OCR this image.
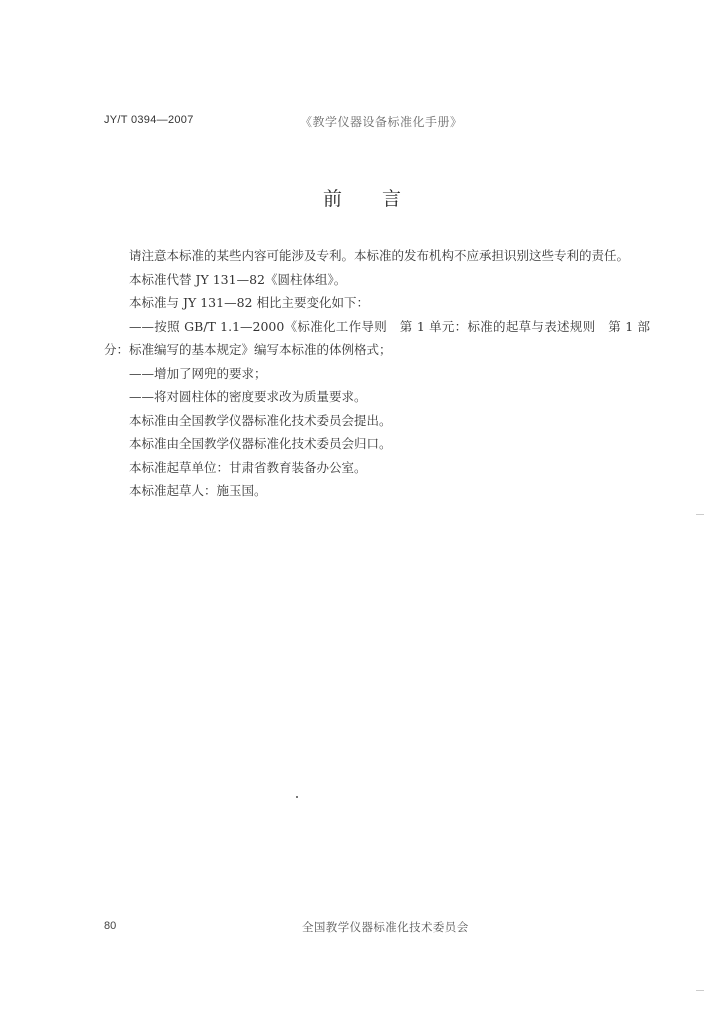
JY/T 0394—2007	《教学仪器设备标准化手册》
前言

请注意本标准的某些内容可能涉及专利。本标准的发布机构不应承担识别这些专利的责任。

本标准代替 JY 131—82《圆柱体组》。

本标准与 JY 131—82 相比主要变化如下：

——按照 GB/T 1.1—2000《标准化工作导则　第 1 单元：标准的起草与表述规则　第 1 部分：标准编写的基本规定》编写本标准的体例格式；

——增加了网兜的要求；

——将对圆柱体的密度要求改为质量要求。

本标准由全国教学仪器标准化技术委员会提出。

本标准由全国教学仪器标准化技术委员会归口。

本标准起草单位：甘肃省教育装备办公室。

本标准起草人：施玉国。

80	全国教学仪器标准化技术委员会
